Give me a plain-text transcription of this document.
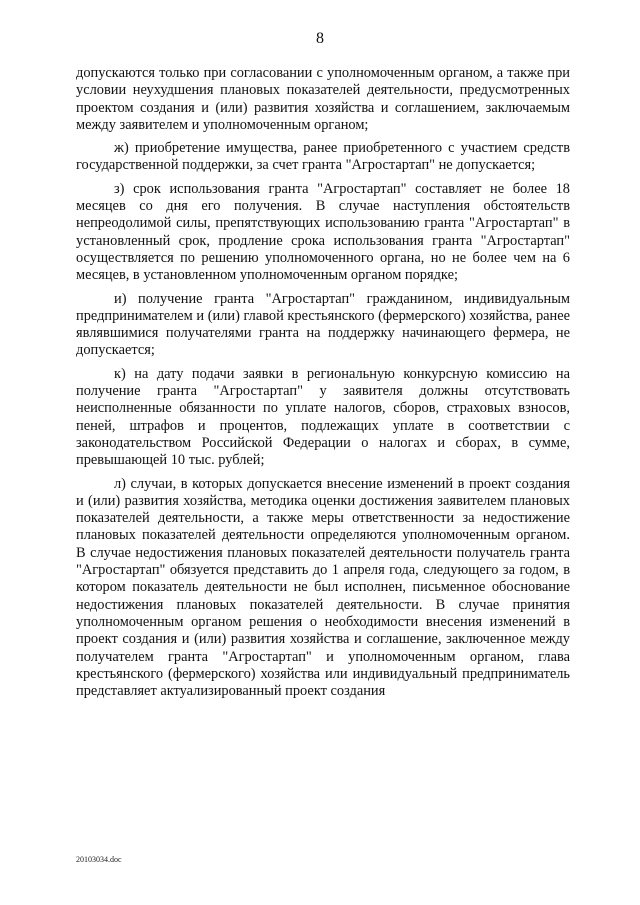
8

допускаются только при согласовании с уполномоченным органом, а также при условии неухудшения плановых показателей деятельности, предусмотренных проектом создания и (или) развития хозяйства и соглашением, заключаемым между заявителем и уполномоченным органом;

ж) приобретение имущества, ранее приобретенного с участием средств государственной поддержки, за счет гранта "Агростартап" не допускается;

з) срок использования гранта "Агростартап" составляет не более 18 месяцев со дня его получения. В случае наступления обстоятельств непреодолимой силы, препятствующих использованию гранта "Агростартап" в установленный срок, продление срока использования гранта "Агростартап" осуществляется по решению уполномоченного органа, но не более чем на 6 месяцев, в установленном уполномоченным органом порядке;

и) получение гранта "Агростартап" гражданином, индивидуальным предпринимателем и (или) главой крестьянского (фермерского) хозяйства, ранее являвшимися получателями гранта на поддержку начинающего фермера, не допускается;

к) на дату подачи заявки в региональную конкурсную комиссию на получение гранта "Агростартап" у заявителя должны отсутствовать неисполненные обязанности по уплате налогов, сборов, страховых взносов, пеней, штрафов и процентов, подлежащих уплате в соответствии с законодательством Российской Федерации о налогах и сборах, в сумме, превышающей 10 тыс. рублей;

л) случаи, в которых допускается внесение изменений в проект создания и (или) развития хозяйства, методика оценки достижения заявителем плановых показателей деятельности, а также меры ответственности за недостижение плановых показателей деятельности определяются уполномоченным органом. В случае недостижения плановых показателей деятельности получатель гранта "Агростартап" обязуется представить до 1 апреля года, следующего за годом, в котором показатель деятельности не был исполнен, письменное обоснование недостижения плановых показателей деятельности. В случае принятия уполномоченным органом решения о необходимости внесения изменений в проект создания и (или) развития хозяйства и соглашение, заключенное между получателем гранта "Агростартап" и уполномоченным органом, глава крестьянского (фермерского) хозяйства или индивидуальный предприниматель представляет актуализированный проект создания

20103034.doc
